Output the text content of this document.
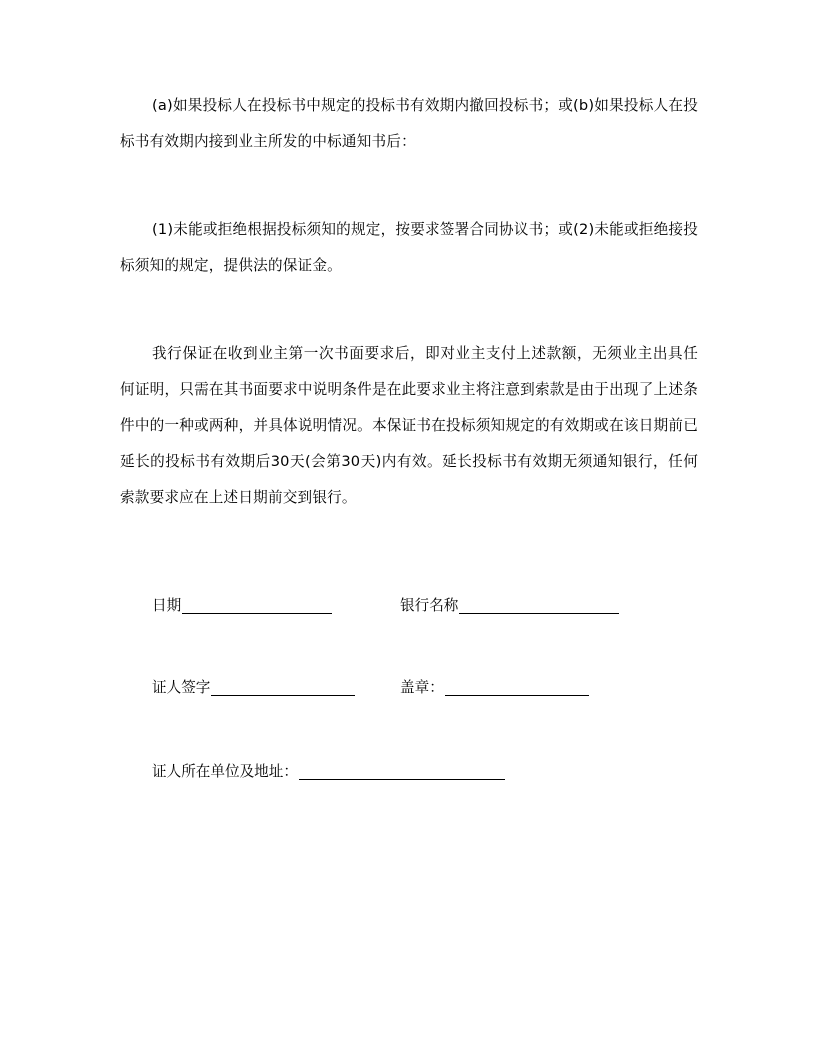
(a)如果投标人在投标书中规定的投标书有效期内撤回投标书；或(b)如果投标人在投标书有效期内接到业主所发的中标通知书后：

(1)未能或拒绝根据投标须知的规定，按要求签署合同协议书；或(2)未能或拒绝接投标须知的规定，提供法的保证金。

我行保证在收到业主第一次书面要求后，即对业主支付上述款额，无须业主出具任何证明，只需在其书面要求中说明条件是在此要求业主将注意到索款是由于出现了上述条件中的一种或两种，并具体说明情况。本保证书在投标须知规定的有效期或在该日期前已延长的投标书有效期后30天(会第30天)内有效。延长投标书有效期无须通知银行，任何索款要求应在上述日期前交到银行。

日期	银行名称
证人签字	盖章：
证人所在单位及地址：
